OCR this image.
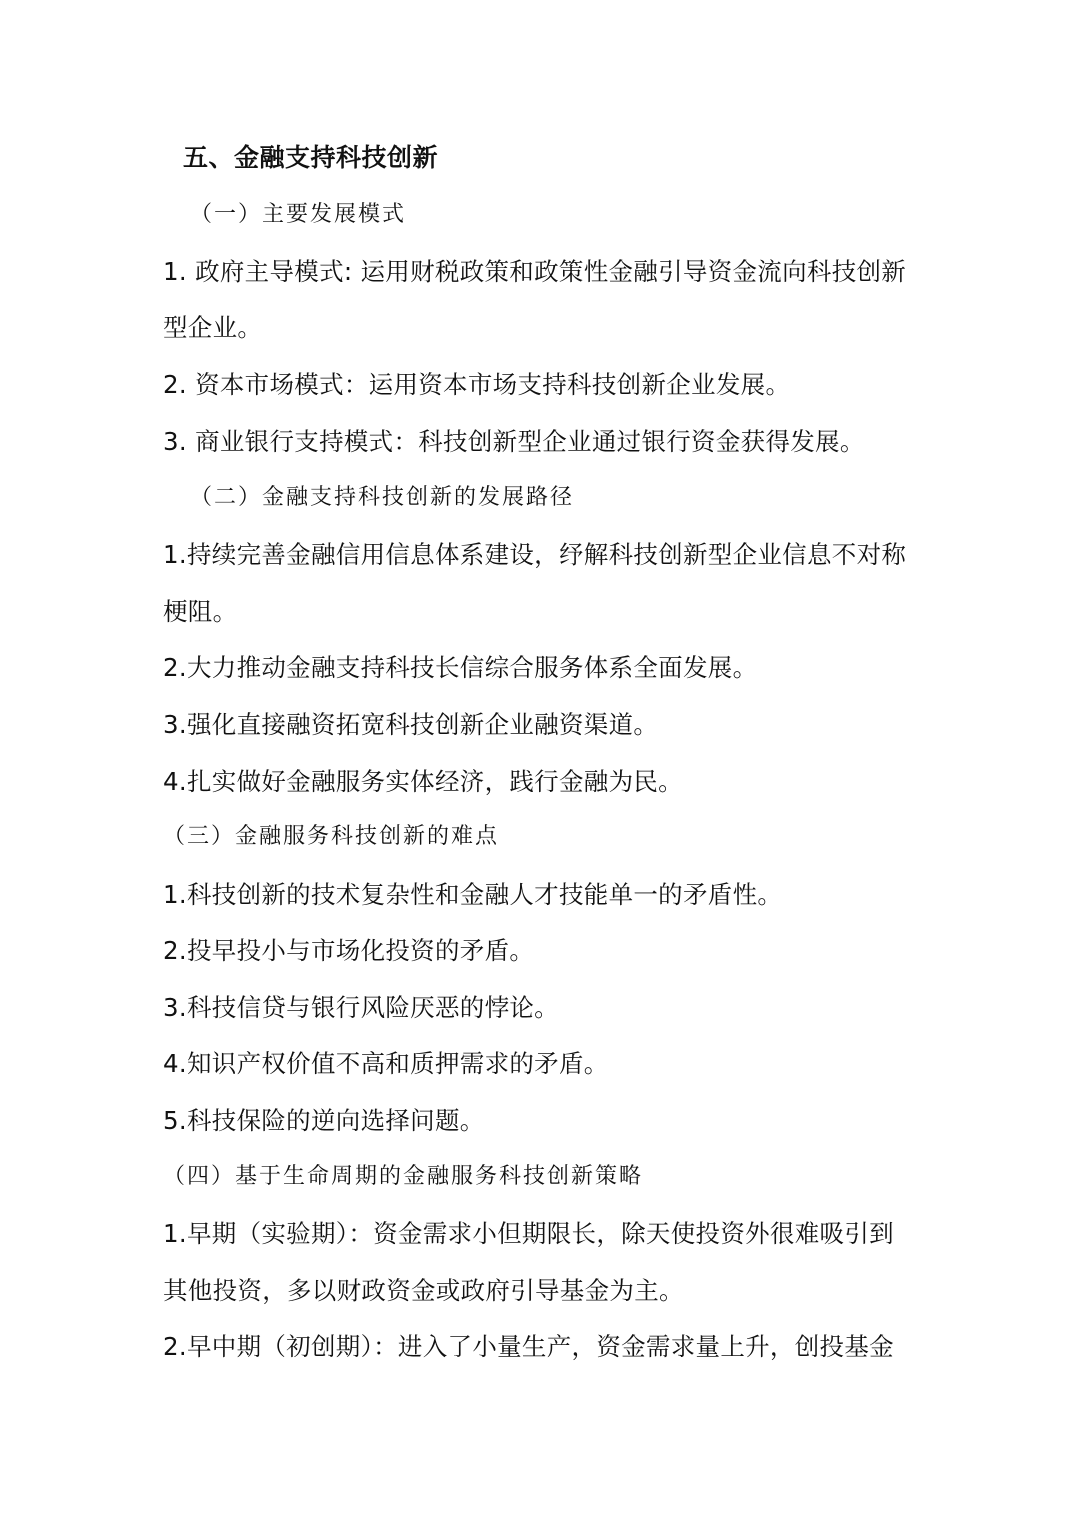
五、金融支持科技创新
（一）主要发展模式
1. 政府主导模式: 运用财税政策和政策性金融引导资金流向科技创新
型企业。
2. 资本市场模式：运用资本市场支持科技创新企业发展。
3. 商业银行支持模式：科技创新型企业通过银行资金获得发展。
（二）金融支持科技创新的发展路径
1.持续完善金融信用信息体系建设，纾解科技创新型企业信息不对称
梗阻。
2.大力推动金融支持科技长信综合服务体系全面发展。
3.强化直接融资拓宽科技创新企业融资渠道。
4.扎实做好金融服务实体经济，践行金融为民。
（三）金融服务科技创新的难点
1.科技创新的技术复杂性和金融人才技能单一的矛盾性。
2.投早投小与市场化投资的矛盾。
3.科技信贷与银行风险厌恶的悖论。
4.知识产权价值不高和质押需求的矛盾。
5.科技保险的逆向选择问题。
（四）基于生命周期的金融服务科技创新策略
1.早期（实验期）：资金需求小但期限长，除天使投资外很难吸引到
其他投资，多以财政资金或政府引导基金为主。
2.早中期（初创期）：进入了小量生产，资金需求量上升，创投基金
